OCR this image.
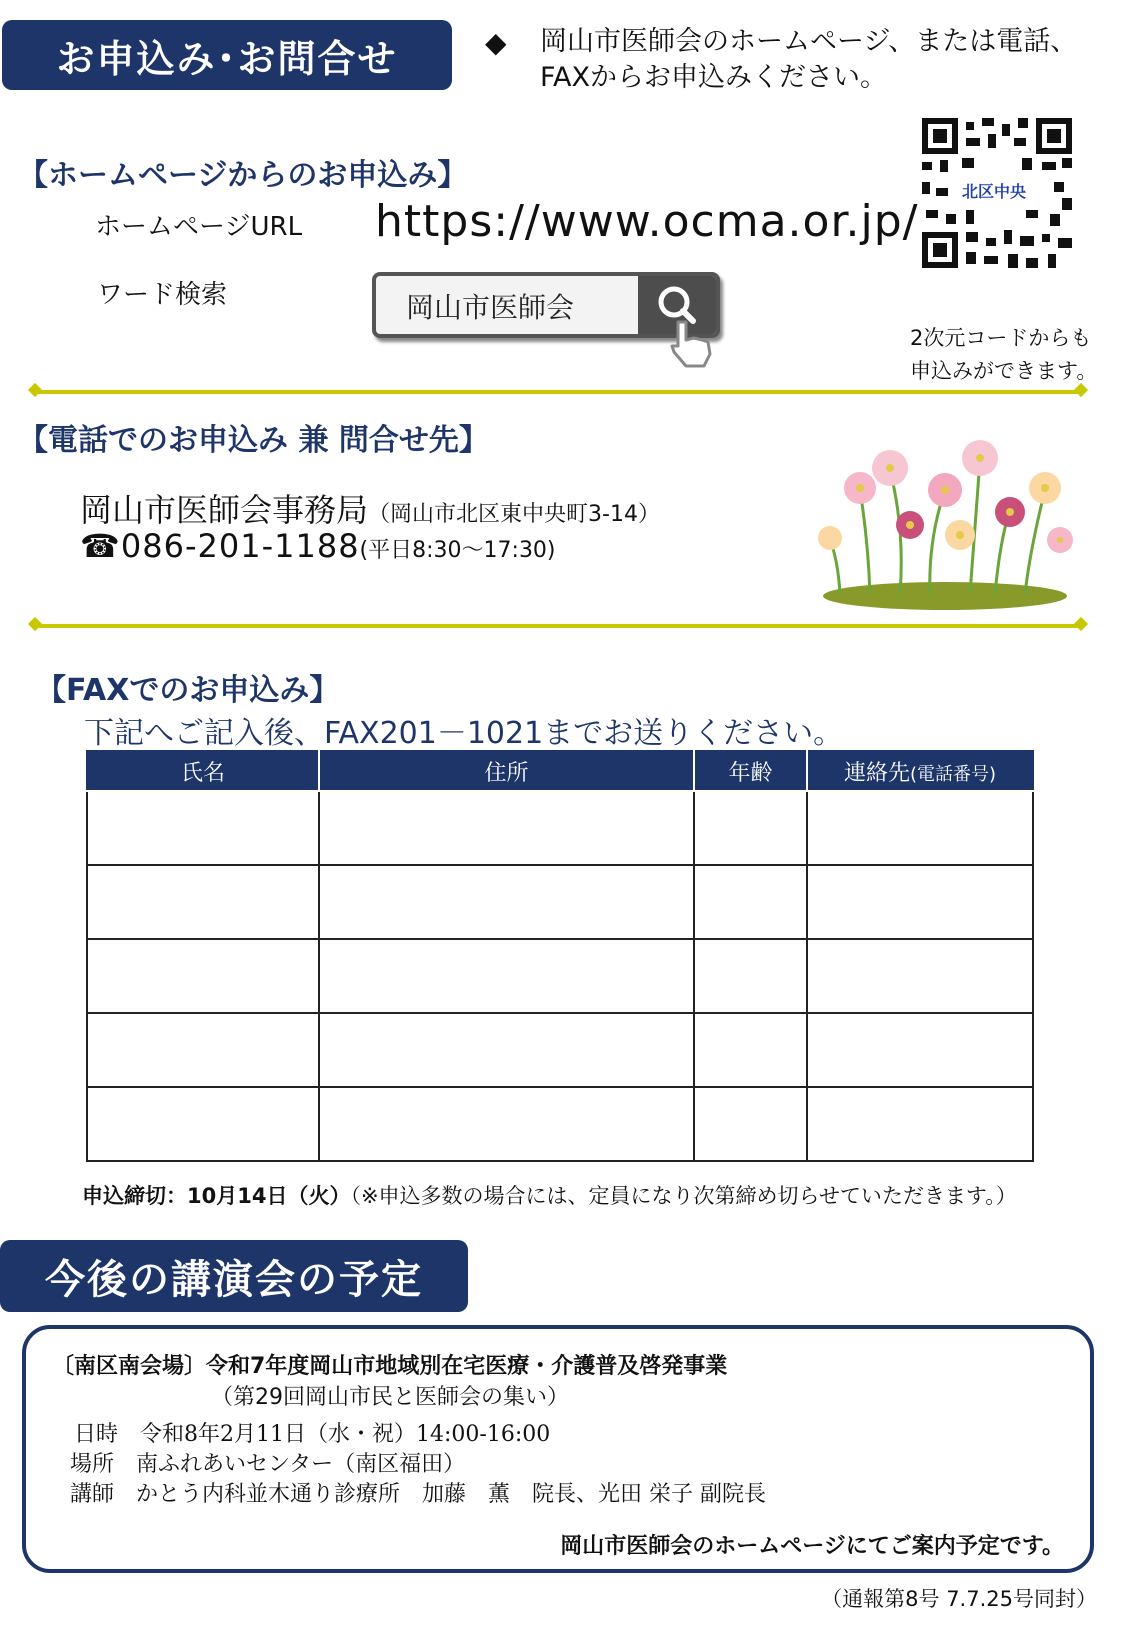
お申込み･お問合せ	◆ 岡山市医師会のホームページ、または電話、
FAXからお申込みください。
【ホームページからのお申込み】
ホームページURL https://www.ocma.or.jp/
ワード検索	岡山市医師会
北区中央
2次元コードからも
申込みができます。
【電話でのお申込み 兼 問合せ先】
岡山市医師会事務局（岡山市北区東中央町3-14）
☎086-201-1188(平日8:30～17:30)
【FAXでのお申込み】
下記へご記入後、FAX201－1021までお送りください。
氏名	住所	年齢	連絡先(電話番号)

申込締切：10月14日（火）（※申込多数の場合には、定員になり次第締め切らせていただきます。）
今後の講演会の予定
〔南区南会場〕令和7年度岡山市地域別在宅医療・介護普及啓発事業
（第29回岡山市民と医師会の集い）
日時　令和8年2月11日（水・祝）14:00-16:00
場所　南ふれあいセンター（南区福田）
講師　かとう内科並木通り診療所　加藤　薫　院長、光田 栄子 副院長
岡山市医師会のホームページにてご案内予定です。
（通報第8号 7.7.25号同封）
